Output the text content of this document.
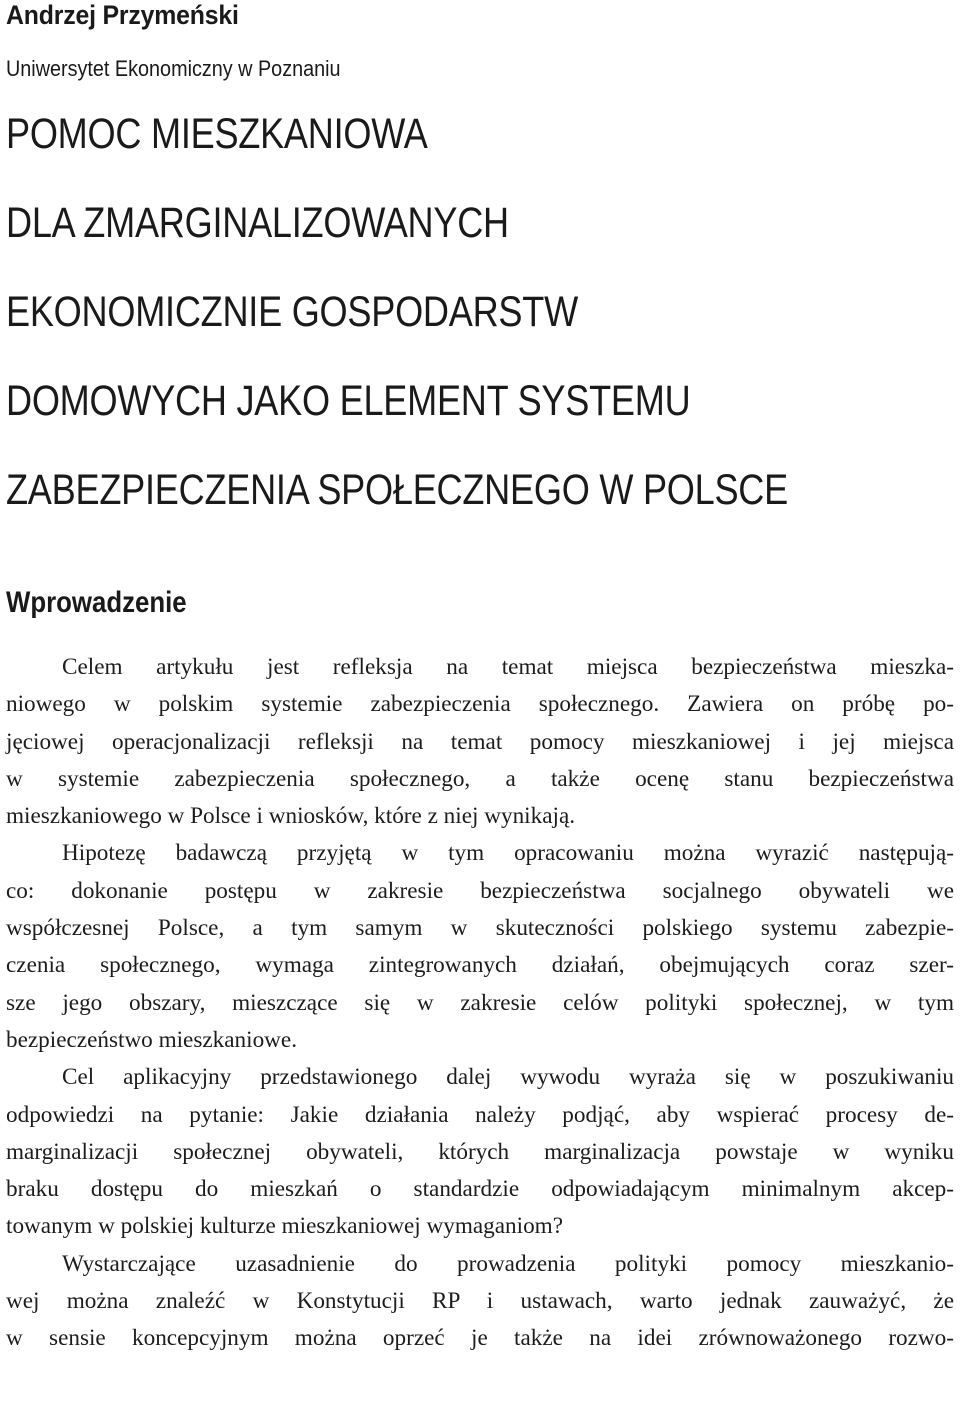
Andrzej Przymeński

Uniwersytet Ekonomiczny w Poznaniu

POMOC MIESZKANIOWA
DLA ZMARGINALIZOWANYCH
EKONOMICZNIE GOSPODARSTW
DOMOWYCH JAKO ELEMENT SYSTEMU
ZABEZPIECZENIA SPOŁECZNEGO W POLSCE
Wprowadzenie

Celem artykułu jest refleksja na temat miejsca bezpieczeństwa mieszka-
niowego w polskim systemie zabezpieczenia społecznego. Zawiera on próbę po-
jęciowej operacjonalizacji refleksji na temat pomocy mieszkaniowej i jej miejsca
w systemie zabezpieczenia społecznego, a także ocenę stanu bezpieczeństwa
mieszkaniowego w Polsce i wniosków, które z niej wynikają.

Hipotezę badawczą przyjętą w tym opracowaniu można wyrazić następują-
co: dokonanie postępu w zakresie bezpieczeństwa socjalnego obywateli we
współczesnej Polsce, a tym samym w skuteczności polskiego systemu zabezpie-
czenia społecznego, wymaga zintegrowanych działań, obejmujących coraz szer-
sze jego obszary, mieszczące się w zakresie celów polityki społecznej, w tym
bezpieczeństwo mieszkaniowe.

Cel aplikacyjny przedstawionego dalej wywodu wyraża się w poszukiwaniu
odpowiedzi na pytanie: Jakie działania należy podjąć, aby wspierać procesy de-
marginalizacji społecznej obywateli, których marginalizacja powstaje w wyniku
braku dostępu do mieszkań o standardzie odpowiadającym minimalnym akcep-
towanym w polskiej kulturze mieszkaniowej wymaganiom?

Wystarczające uzasadnienie do prowadzenia polityki pomocy mieszkanio-
wej można znaleźć w Konstytucji RP i ustawach, warto jednak zauważyć, że
w sensie koncepcyjnym można oprzeć je także na idei zrównoważonego rozwo-
